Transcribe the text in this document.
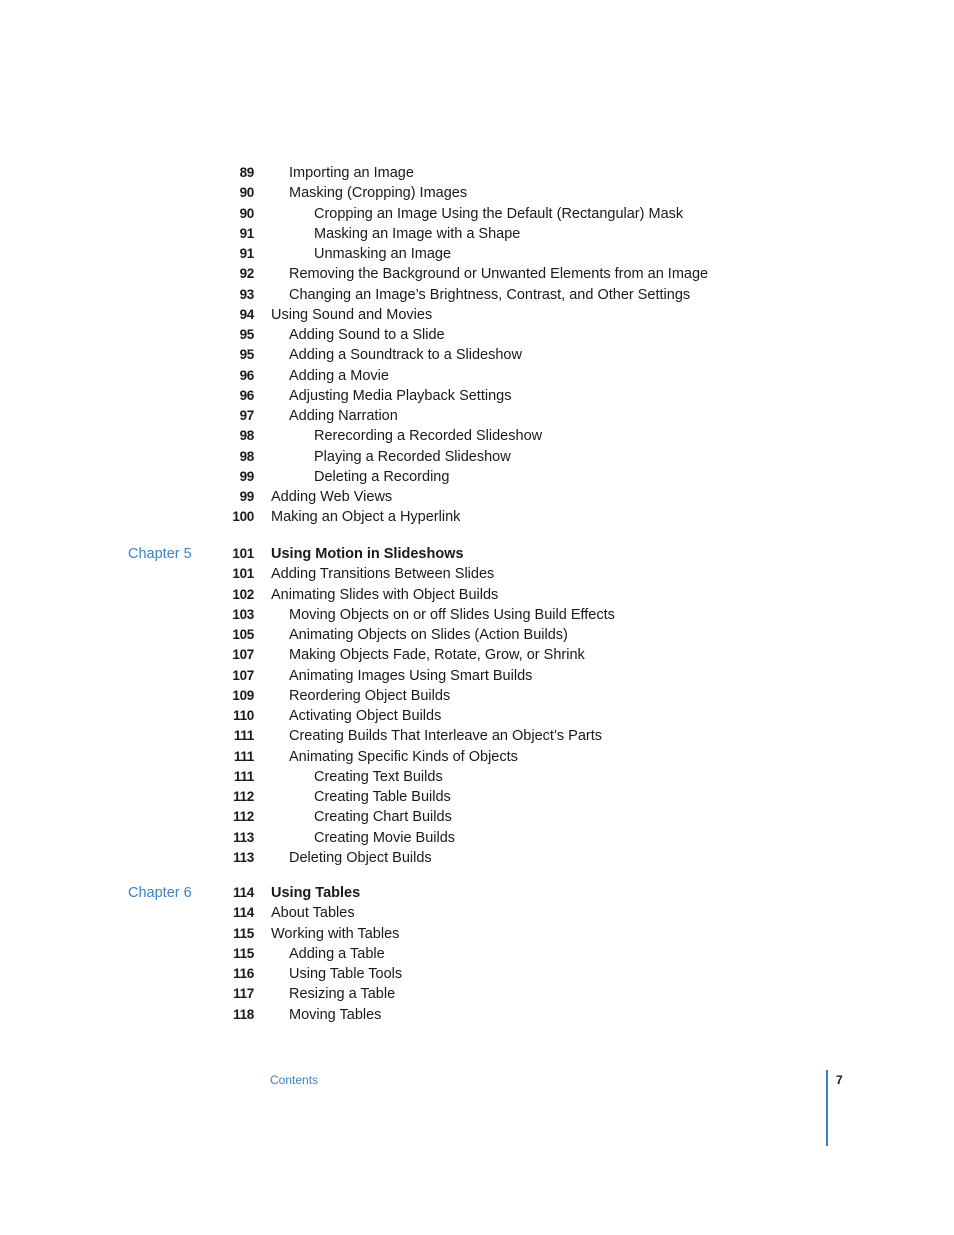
89 Importing an Image
90 Masking (Cropping) Images
90	Cropping an Image Using the Default (Rectangular) Mask
91	Masking an Image with a Shape
91	Unmasking an Image
92 Removing the Background or Unwanted Elements from an Image
93 Changing an Image’s Brightness, Contrast, and Other Settings
94 Using Sound and Movies
95 Adding Sound to a Slide
95 Adding a Soundtrack to a Slideshow
96 Adding a Movie
96 Adjusting Media Playback Settings
97 Adding Narration
98	Rerecording a Recorded Slideshow
98	Playing a Recorded Slideshow
99	Deleting a Recording
99 Adding Web Views
100 Making an Object a Hyperlink
Chapter 5	101 Using Motion in Slideshows
101 Adding Transitions Between Slides
102 Animating Slides with Object Builds
103 Moving Objects on or off Slides Using Build Effects
105 Animating Objects on Slides (Action Builds)
107 Making Objects Fade, Rotate, Grow, or Shrink
107 Animating Images Using Smart Builds
109 Reordering Object Builds
110 Activating Object Builds
111 Creating Builds That Interleave an Object’s Parts
111 Animating Specific Kinds of Objects
111	Creating Text Builds
112	Creating Table Builds
112	Creating Chart Builds
113	Creating Movie Builds
113 Deleting Object Builds
Chapter 6	114 Using Tables
114 About Tables
115 Working with Tables
115 Adding a Table
116 Using Table Tools
117 Resizing a Table
118 Moving Tables
Contents	7
